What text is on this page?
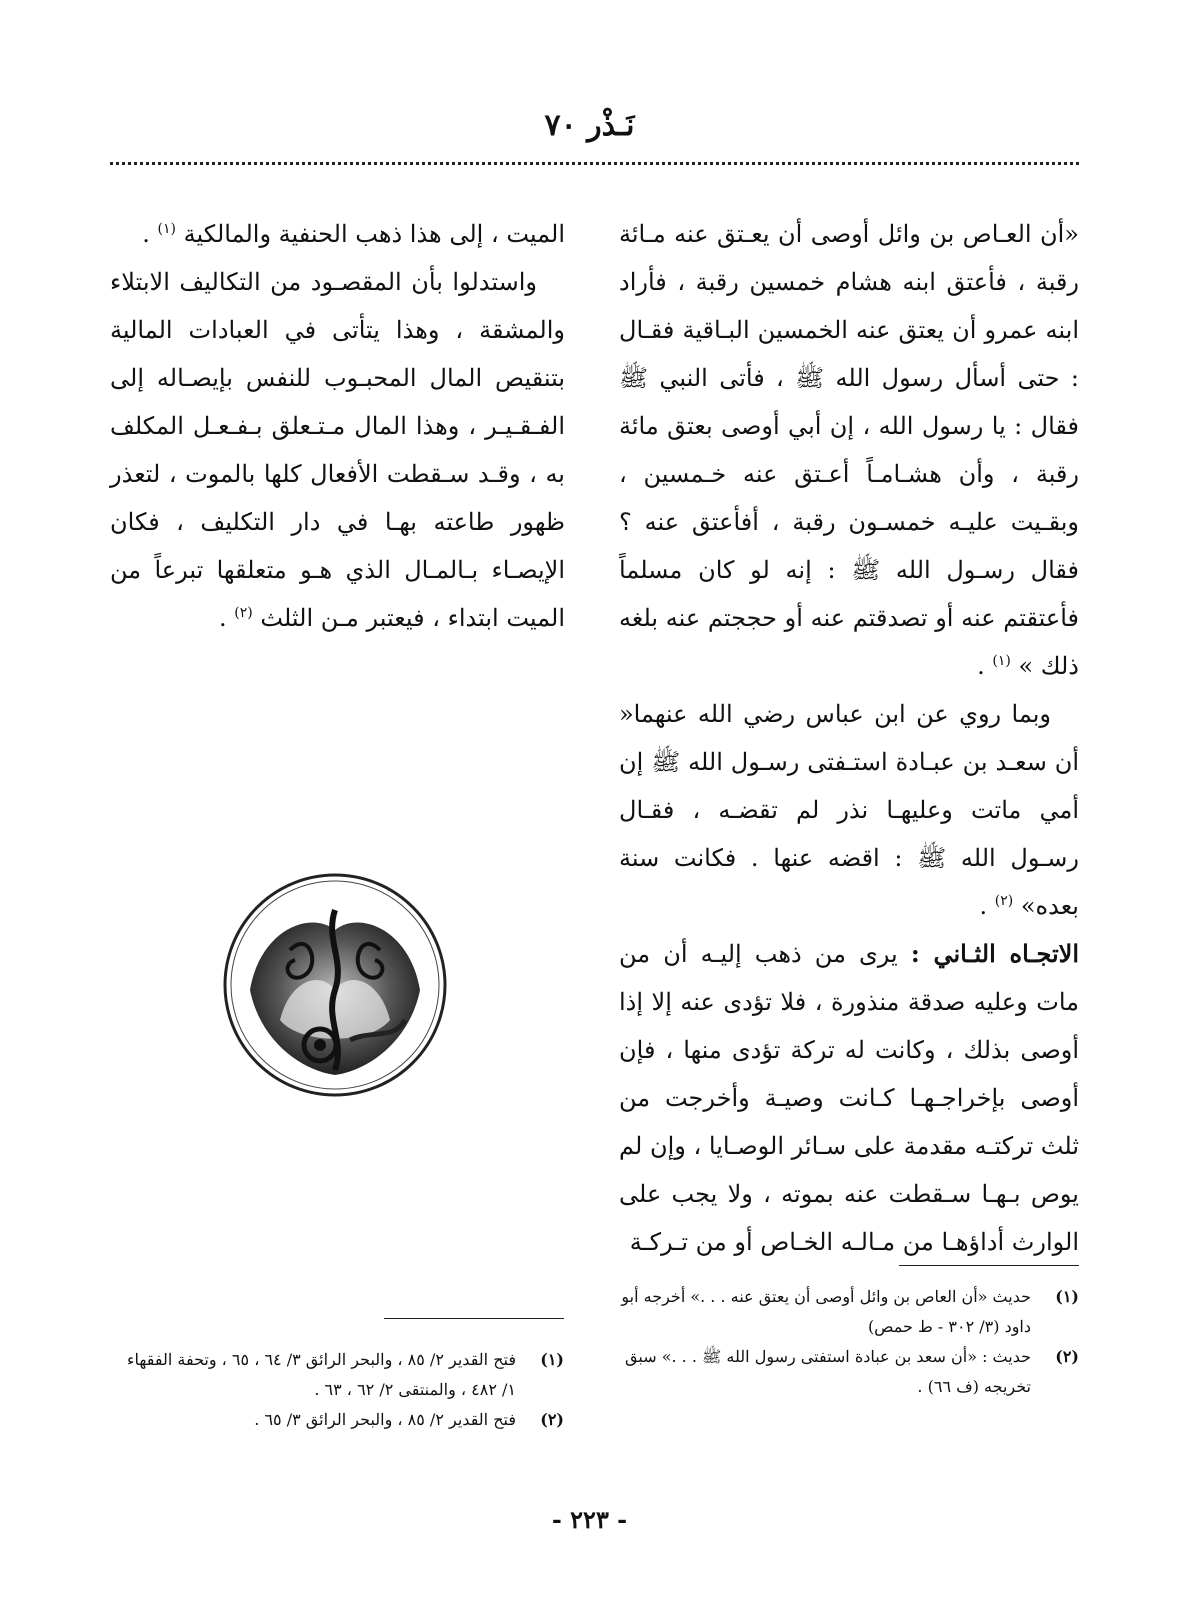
نَـذْر ٧٠

«أن العـاص بن وائل أوصى أن يعـتق عنه مـائة رقبة ، فأعتق ابنه هشام خمسين رقبة ، فأراد ابنه عمرو أن يعتق عنه الخمسين البـاقية فقـال : حتى أسأل رسول الله ﷺ ، فأتى النبي ﷺ فقال : يا رسول الله ، إن أبي أوصى بعتق مائة رقبة ، وأن هشـامـاً أعـتق عنه خـمسين ، وبقـيت عليـه خمسـون رقبة ، أفأعتق عنه ؟ فقال رسـول الله ﷺ : إنه لو كان مسلماً فأعتقتم عنه أو تصدقتم عنه أو حججتم عنه بلغه ذلك » $^{(١)}$ .

وبما روي عن ابن عباس رضي الله عنهما« أن سعـد بن عبـادة استـفتى رسـول الله ﷺ إن أمي ماتت وعليهـا نذر لم تقضـه ، فقـال رسـول الله ﷺ : اقضه عنها . فكانت سنة بعده» $^{(٢)}$ .

الاتجـاه الثـاني : يرى من ذهب إليـه أن من مات وعليه صدقة منذورة ، فلا تؤدى عنه إلا إذا أوصى بذلك ، وكانت له تركة تؤدى منها ، فإن أوصى بإخراجـهـا كـانت وصيـة وأخرجت من ثلث تركتـه مقدمة على سـائر الوصـايا ، وإن لم يوص بـهـا سـقطت عنه بموته ، ولا يجب على الوارث أداؤهـا من مـالـه الخـاص أو من تـركـة

الميت ، إلى هذا ذهب الحنفية والمالكية $^{(١)}$ .

واستدلوا بأن المقصـود من التكاليف الابتلاء والمشقة ، وهذا يتأتى في العبادات المالية بتنقيص المال المحبـوب للنفس بإيصـاله إلى الفـقـيـر ، وهذا المال مـتـعلق بـفـعـل المكلف به ، وقـد سـقطت الأفعال كلها بالموت ، لتعذر ظهور طاعته بهـا في دار التكليف ، فكان الإيصـاء بـالمـال الذي هـو متعلقها تبرعاً من الميت ابتداء ، فيعتبر مـن الثلث $^{(٢)}$ .

(١)
حديث «أن العاص بن وائل أوصى أن يعتق عنه . . .» أخرجه أبو داود (٣/ ٣٠٢ - ط حمص)
(٢)
حديث : «أن سعد بن عبادة استفتى رسول الله ﷺ . . .» سبق تخريجه (ف ٦٦) .
(١)
فتح القدير ٢/ ٨٥ ، والبحر الرائق ٣/ ٦٤ ، ٦٥ ، وتحفة الفقهاء ١/ ٤٨٢ ، والمنتقى ٢/ ٦٢ ، ٦٣ .
(٢)
فتح القدير ٢/ ٨٥ ، والبحر الرائق ٣/ ٦٥ .
- ٢٢٣ -
